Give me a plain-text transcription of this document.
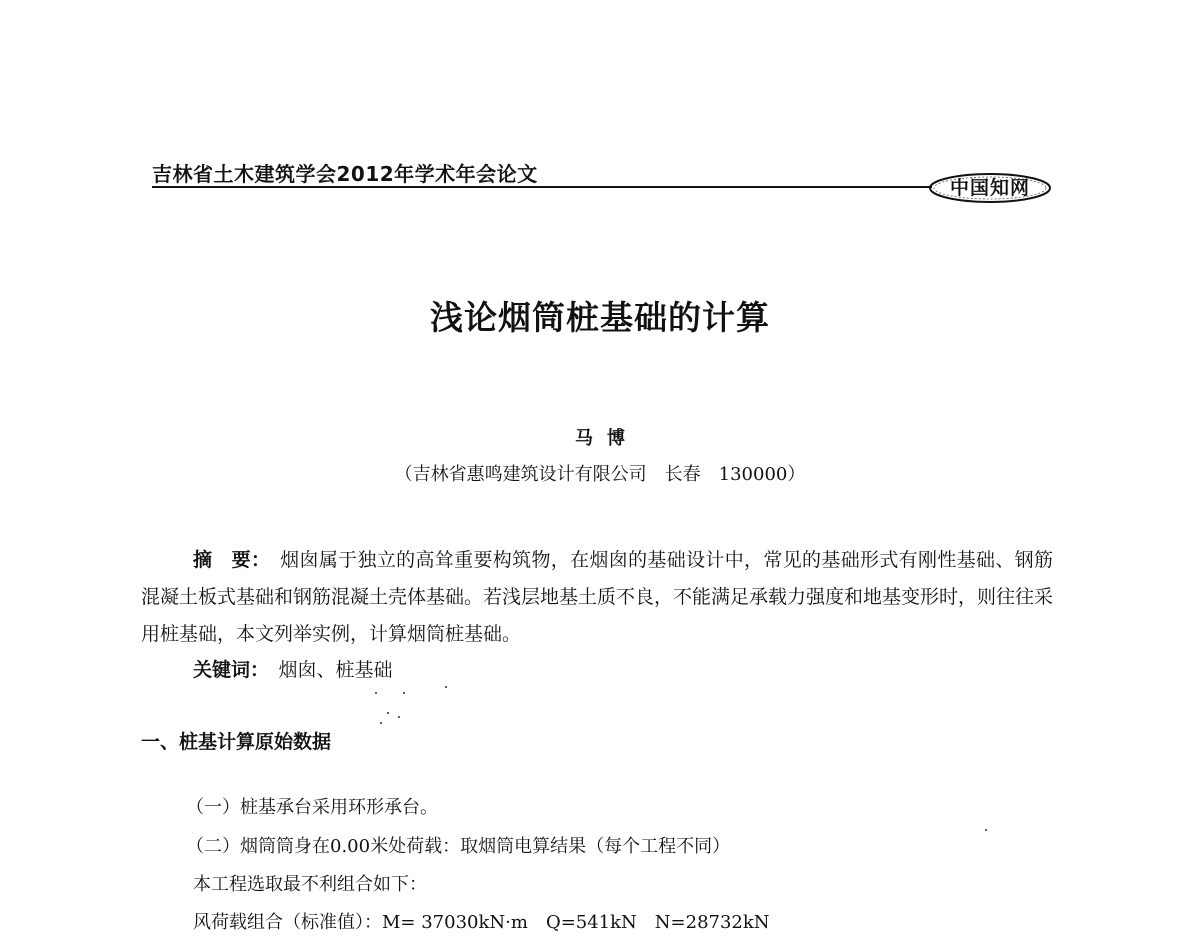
吉林省土木建筑学会2012年学术年会论文
中国知网
浅论烟筒桩基础的计算
马博
（吉林省惠鸣建筑设计有限公司　长春　130000）
摘　要：　 烟囱属于独立的高耸重要构筑物，在烟囱的基础设计中，常见的基础形式有刚性基础、钢筋混凝土板式基础和钢筋混凝土壳体基础。若浅层地基土质不良，不能满足承载力强度和地基变形时，则往往采用桩基础，本文列举实例，计算烟筒桩基础。
关键词：　 烟囱、桩基础
一、桩基计算原始数据
（一）桩基承台采用环形承台。
（二）烟筒筒身在0.00米处荷载：取烟筒电算结果（每个工程不同）
本工程选取最不利组合如下：
风荷载组合（标准值）：M= 37030kN·m　Q=541kN　N=28732kN
